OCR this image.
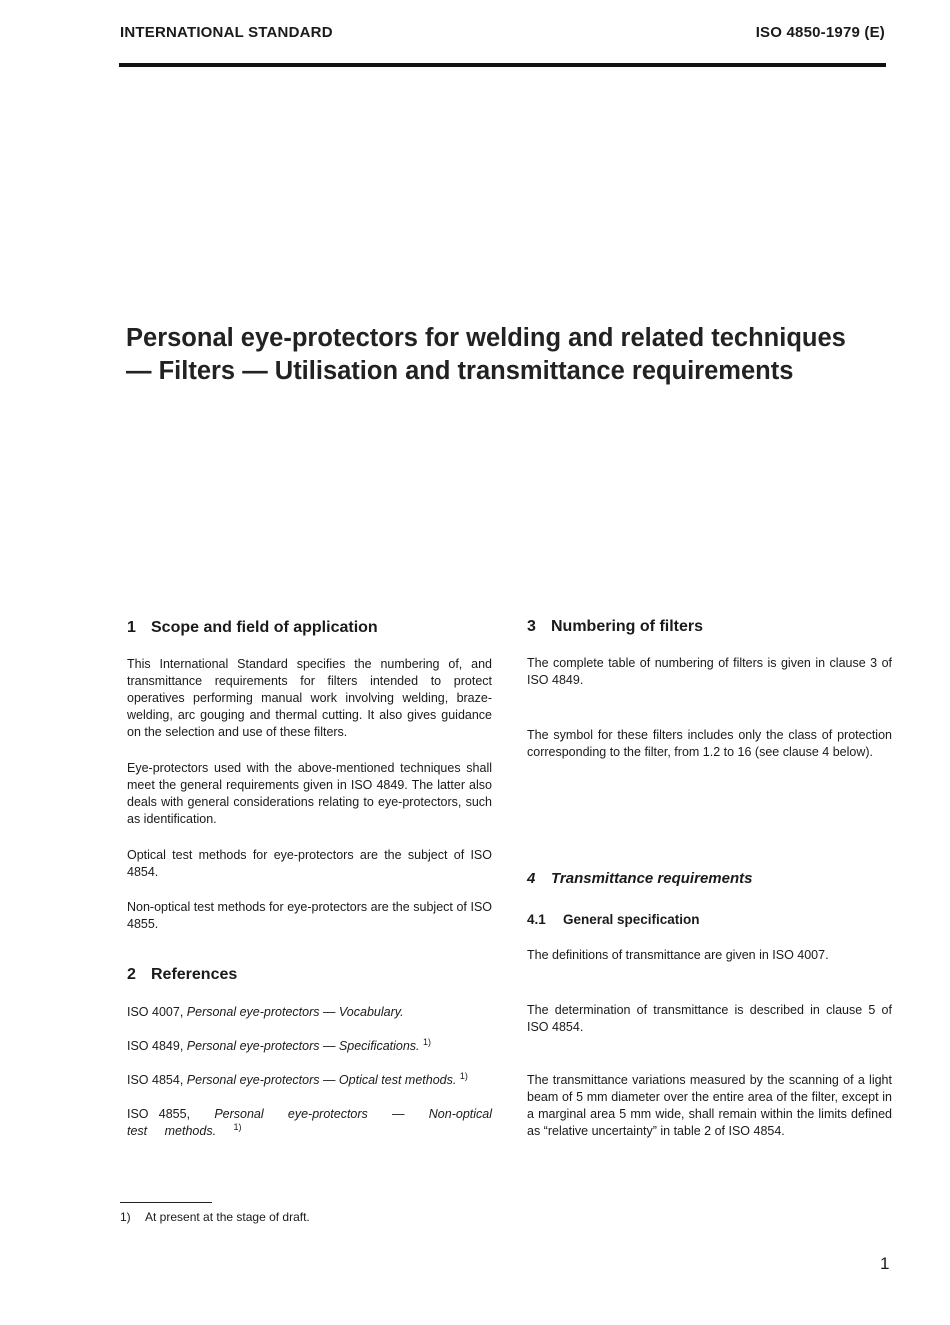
INTERNATIONAL STANDARD	ISO 4850-1979 (E)
Personal eye-protectors for welding and related techniques — Filters — Utilisation and transmittance requirements
1 Scope and field of application

This International Standard specifies the numbering of, and transmittance requirements for filters intended to protect operatives performing manual work involving welding, braze-welding, arc gouging and thermal cutting. It also gives guidance on the selection and use of these filters.

Eye-protectors used with the above-mentioned techniques shall meet the general requirements given in ISO 4849. The latter also deals with general considerations relating to eye-protectors, such as identification.

Optical test methods for eye-protectors are the subject of ISO 4854.

Non-optical test methods for eye-protectors are the subject of ISO 4855.

2 References

ISO 4007, Personal eye-protectors — Vocabulary.

ISO 4849, Personal eye-protectors — Specifications. $^{1)}$

ISO 4854, Personal eye-protectors — Optical test methods. $^{1)}$

ISO 4855, Personal eye-protectors — Non-optical test methods. $^{1)}$

3 Numbering of filters

The complete table of numbering of filters is given in clause 3 of ISO 4849.

The symbol for these filters includes only the class of protection corresponding to the filter, from 1.2 to 16 (see clause 4 below).

4 Transmittance requirements
4.1 General specification

The definitions of transmittance are given in ISO 4007.

The determination of transmittance is described in clause 5 of ISO 4854.

The transmittance variations measured by the scanning of a light beam of 5 mm diameter over the entire area of the filter, except in a marginal area 5 mm wide, shall remain within the limits defined as “relative uncertainty” in table 2 of ISO 4854.

1) At present at the stage of draft.
1
